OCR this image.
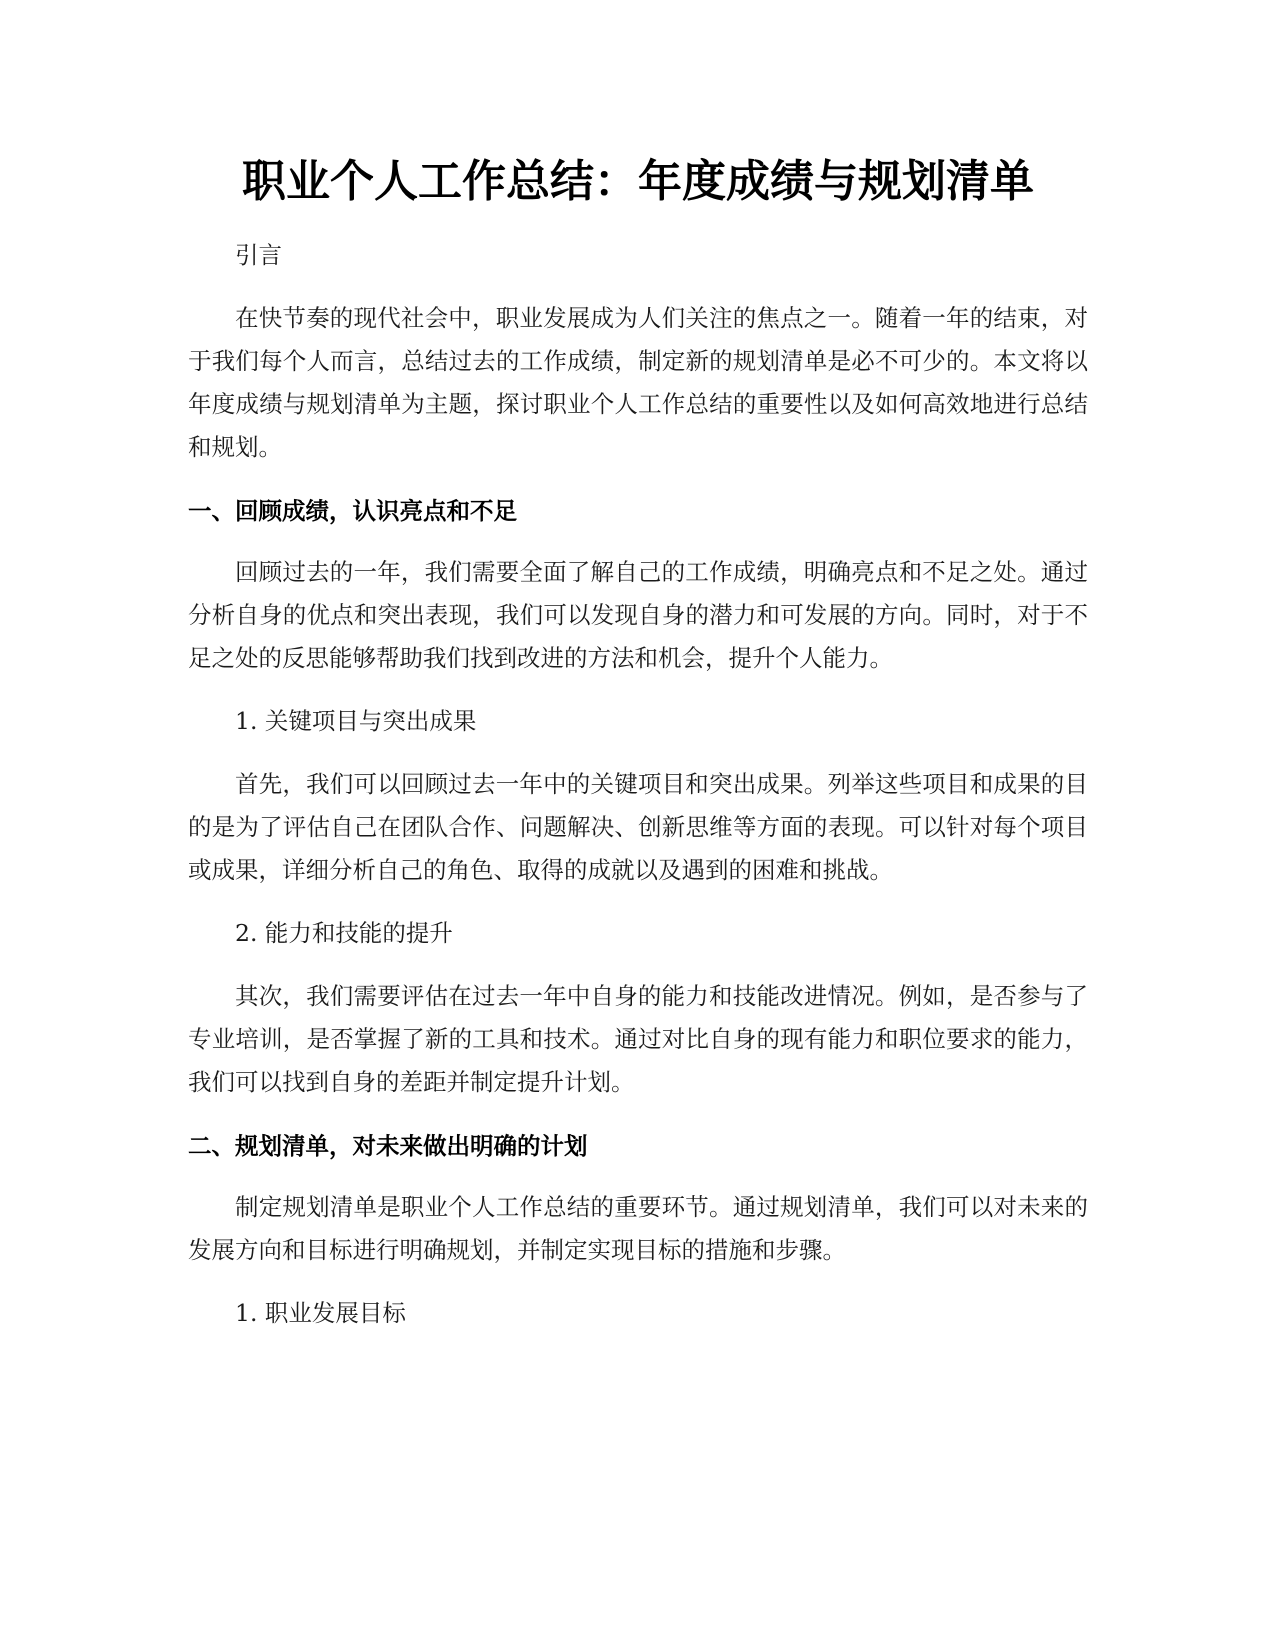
职业个人工作总结：年度成绩与规划清单

引言

在快节奏的现代社会中，职业发展成为人们关注的焦点之一。随着一年的结束，对于我们每个人而言，总结过去的工作成绩，制定新的规划清单是必不可少的。本文将以年度成绩与规划清单为主题，探讨职业个人工作总结的重要性以及如何高效地进行总结和规划。

一、回顾成绩，认识亮点和不足

回顾过去的一年，我们需要全面了解自己的工作成绩，明确亮点和不足之处。通过分析自身的优点和突出表现，我们可以发现自身的潜力和可发展的方向。同时，对于不足之处的反思能够帮助我们找到改进的方法和机会，提升个人能力。

1. 关键项目与突出成果

首先，我们可以回顾过去一年中的关键项目和突出成果。列举这些项目和成果的目的是为了评估自己在团队合作、问题解决、创新思维等方面的表现。可以针对每个项目或成果，详细分析自己的角色、取得的成就以及遇到的困难和挑战。

2. 能力和技能的提升

其次，我们需要评估在过去一年中自身的能力和技能改进情况。例如，是否参与了专业培训，是否掌握了新的工具和技术。通过对比自身的现有能力和职位要求的能力，我们可以找到自身的差距并制定提升计划。

二、规划清单，对未来做出明确的计划

制定规划清单是职业个人工作总结的重要环节。通过规划清单，我们可以对未来的发展方向和目标进行明确规划，并制定实现目标的措施和步骤。

1. 职业发展目标
